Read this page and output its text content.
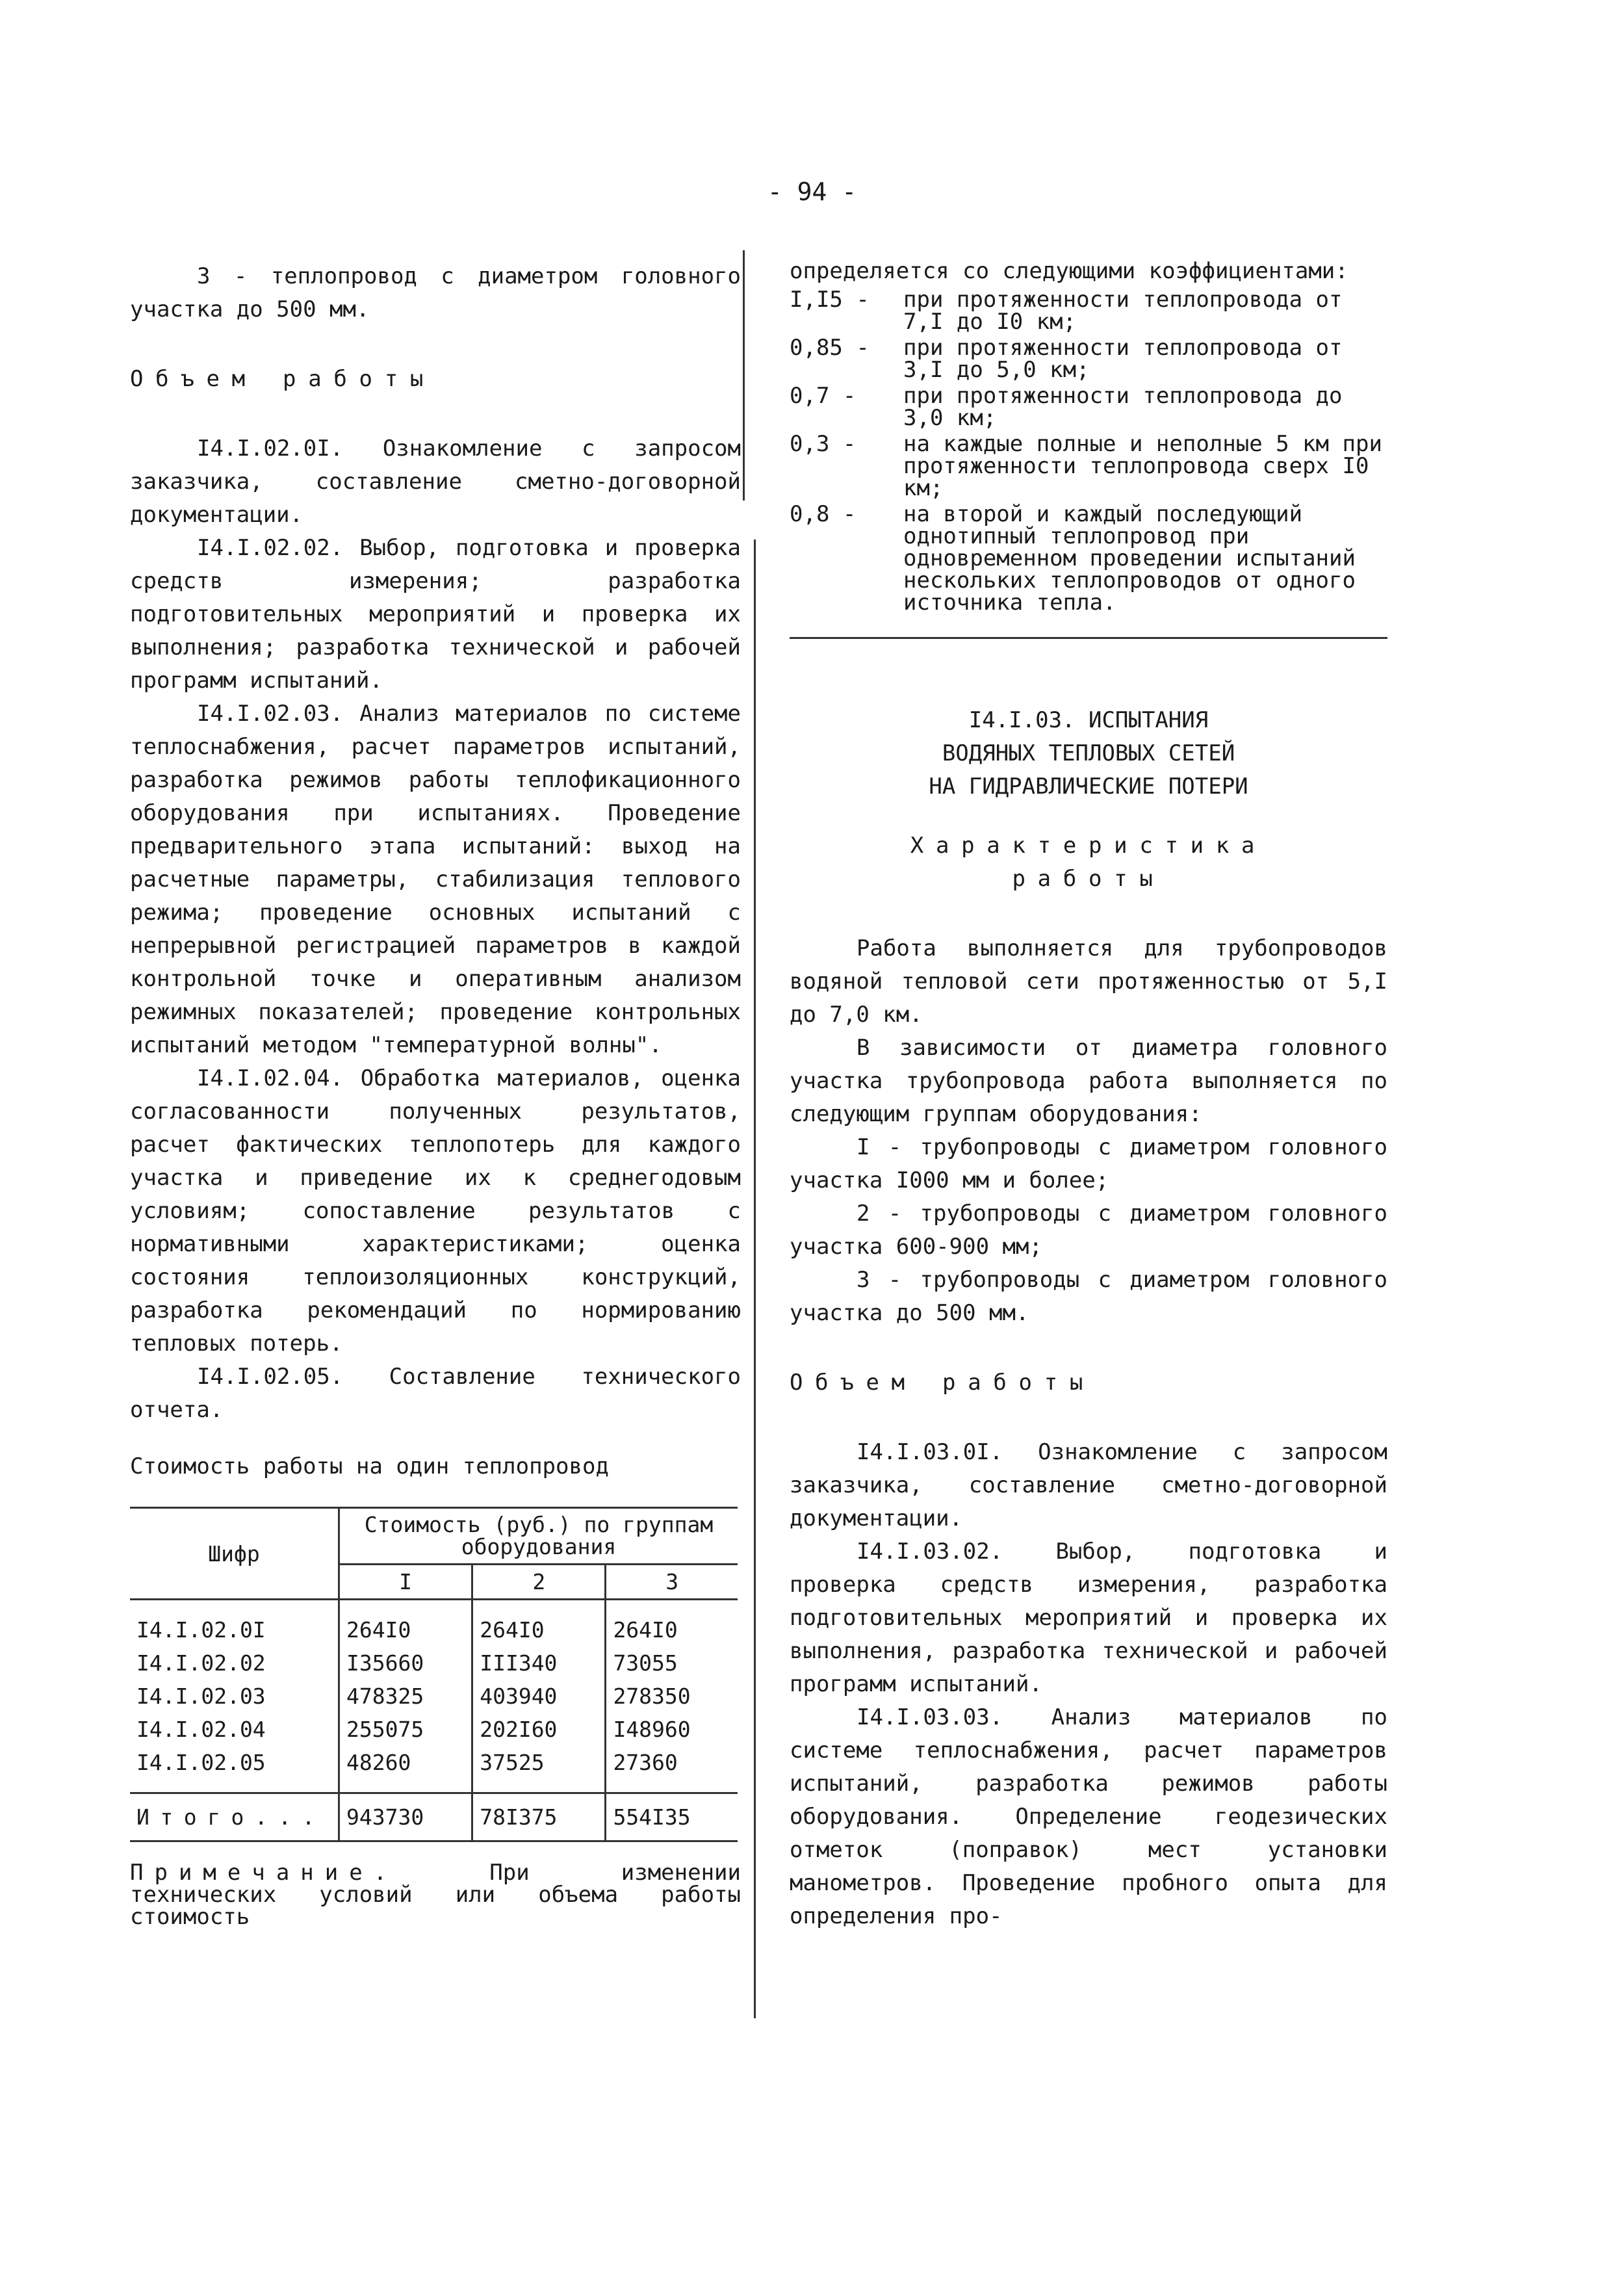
- 94 -

3 - теплопровод с диаметром головного участка до 500 мм.

Объем работы

I4.I.02.0I. Ознакомление с запросом заказчика, составление сметно-договорной документации.

I4.I.02.02. Выбор, подготовка и проверка средств измерения; разработка подготовительных мероприятий и проверка их выполнения; разработка технической и рабочей программ испытаний.

I4.I.02.03. Анализ материалов по системе теплоснабжения, расчет параметров испытаний, разработка режимов работы теплофикационного оборудования при испытаниях. Проведение предварительного этапа испытаний: выход на расчетные параметры, стабилизация теплового режима; проведение основных испытаний с непрерывной регистрацией параметров в каждой контрольной точке и оперативным анализом режимных показателей; проведение контрольных испытаний методом "температурной волны".

I4.I.02.04. Обработка материалов, оценка согласованности полученных результатов, расчет фактических теплопотерь для каждого участка и приведение их к среднегодовым условиям; сопоставление результатов с нормативными характеристиками; оценка состояния теплоизоляционных конструкций, разработка рекомендаций по нормированию тепловых потерь.

I4.I.02.05. Составление технического отчета.

Стоимость работы на один теплопровод

Шифр	Стоимость (руб.) по группам оборудования		
	I	2	3
I4.I.02.0I	264I0	264I0	264I0
I4.I.02.02	I35660	III340	73055
I4.I.02.03	478325	403940	278350
I4.I.02.04	255075	202I60	I48960
I4.I.02.05	48260	37525	27360
Итого...	943730	78I375	554I35

Примечание.	При изменении технических условий или объема работы стоимость

определяется со следующими коэффициентами:

I,I5 -	при протяженности теплопровода от 7,I до I0 км;
0,85 -	при протяженности теплопровода от 3,I до 5,0 км;
0,7 -	при протяженности теплопровода до 3,0 км;
0,3 -	на каждые полные и неполные 5 км при протяженности теплопровода сверх I0 км;
0,8 -	на второй и каждый последующий однотипный теплопровод при одновременном проведении испытаний нескольких теплопроводов от одного источника тепла.
I4.I.03. ИСПЫТАНИЯ
ВОДЯНЫХ ТЕПЛОВЫХ СЕТЕЙ
НА ГИДРАВЛИЧЕСКИЕ ПОТЕРИ
Характеристика
работы

Работа выполняется для трубопроводов водяной тепловой сети протяженностью от 5,I до 7,0 км.

В зависимости от диаметра головного участка трубопровода работа выполняется по следующим группам оборудования:

I - трубопроводы с диаметром головного участка I000 мм и более;

2 - трубопроводы с диаметром головного участка 600-900 мм;

3 - трубопроводы с диаметром головного участка до 500 мм.

Объем работы

I4.I.03.0I. Ознакомление с запросом заказчика, составление сметно-договорной документации.

I4.I.03.02. Выбор, подготовка и проверка средств измерения, разработка подготовительных мероприятий и проверка их выполнения, разработка технической и рабочей программ испытаний.

I4.I.03.03. Анализ материалов по системе теплоснабжения, расчет параметров испытаний, разработка режимов работы оборудования. Определение геодезических отметок (поправок) мест установки манометров. Проведение пробного опыта для определения про-
